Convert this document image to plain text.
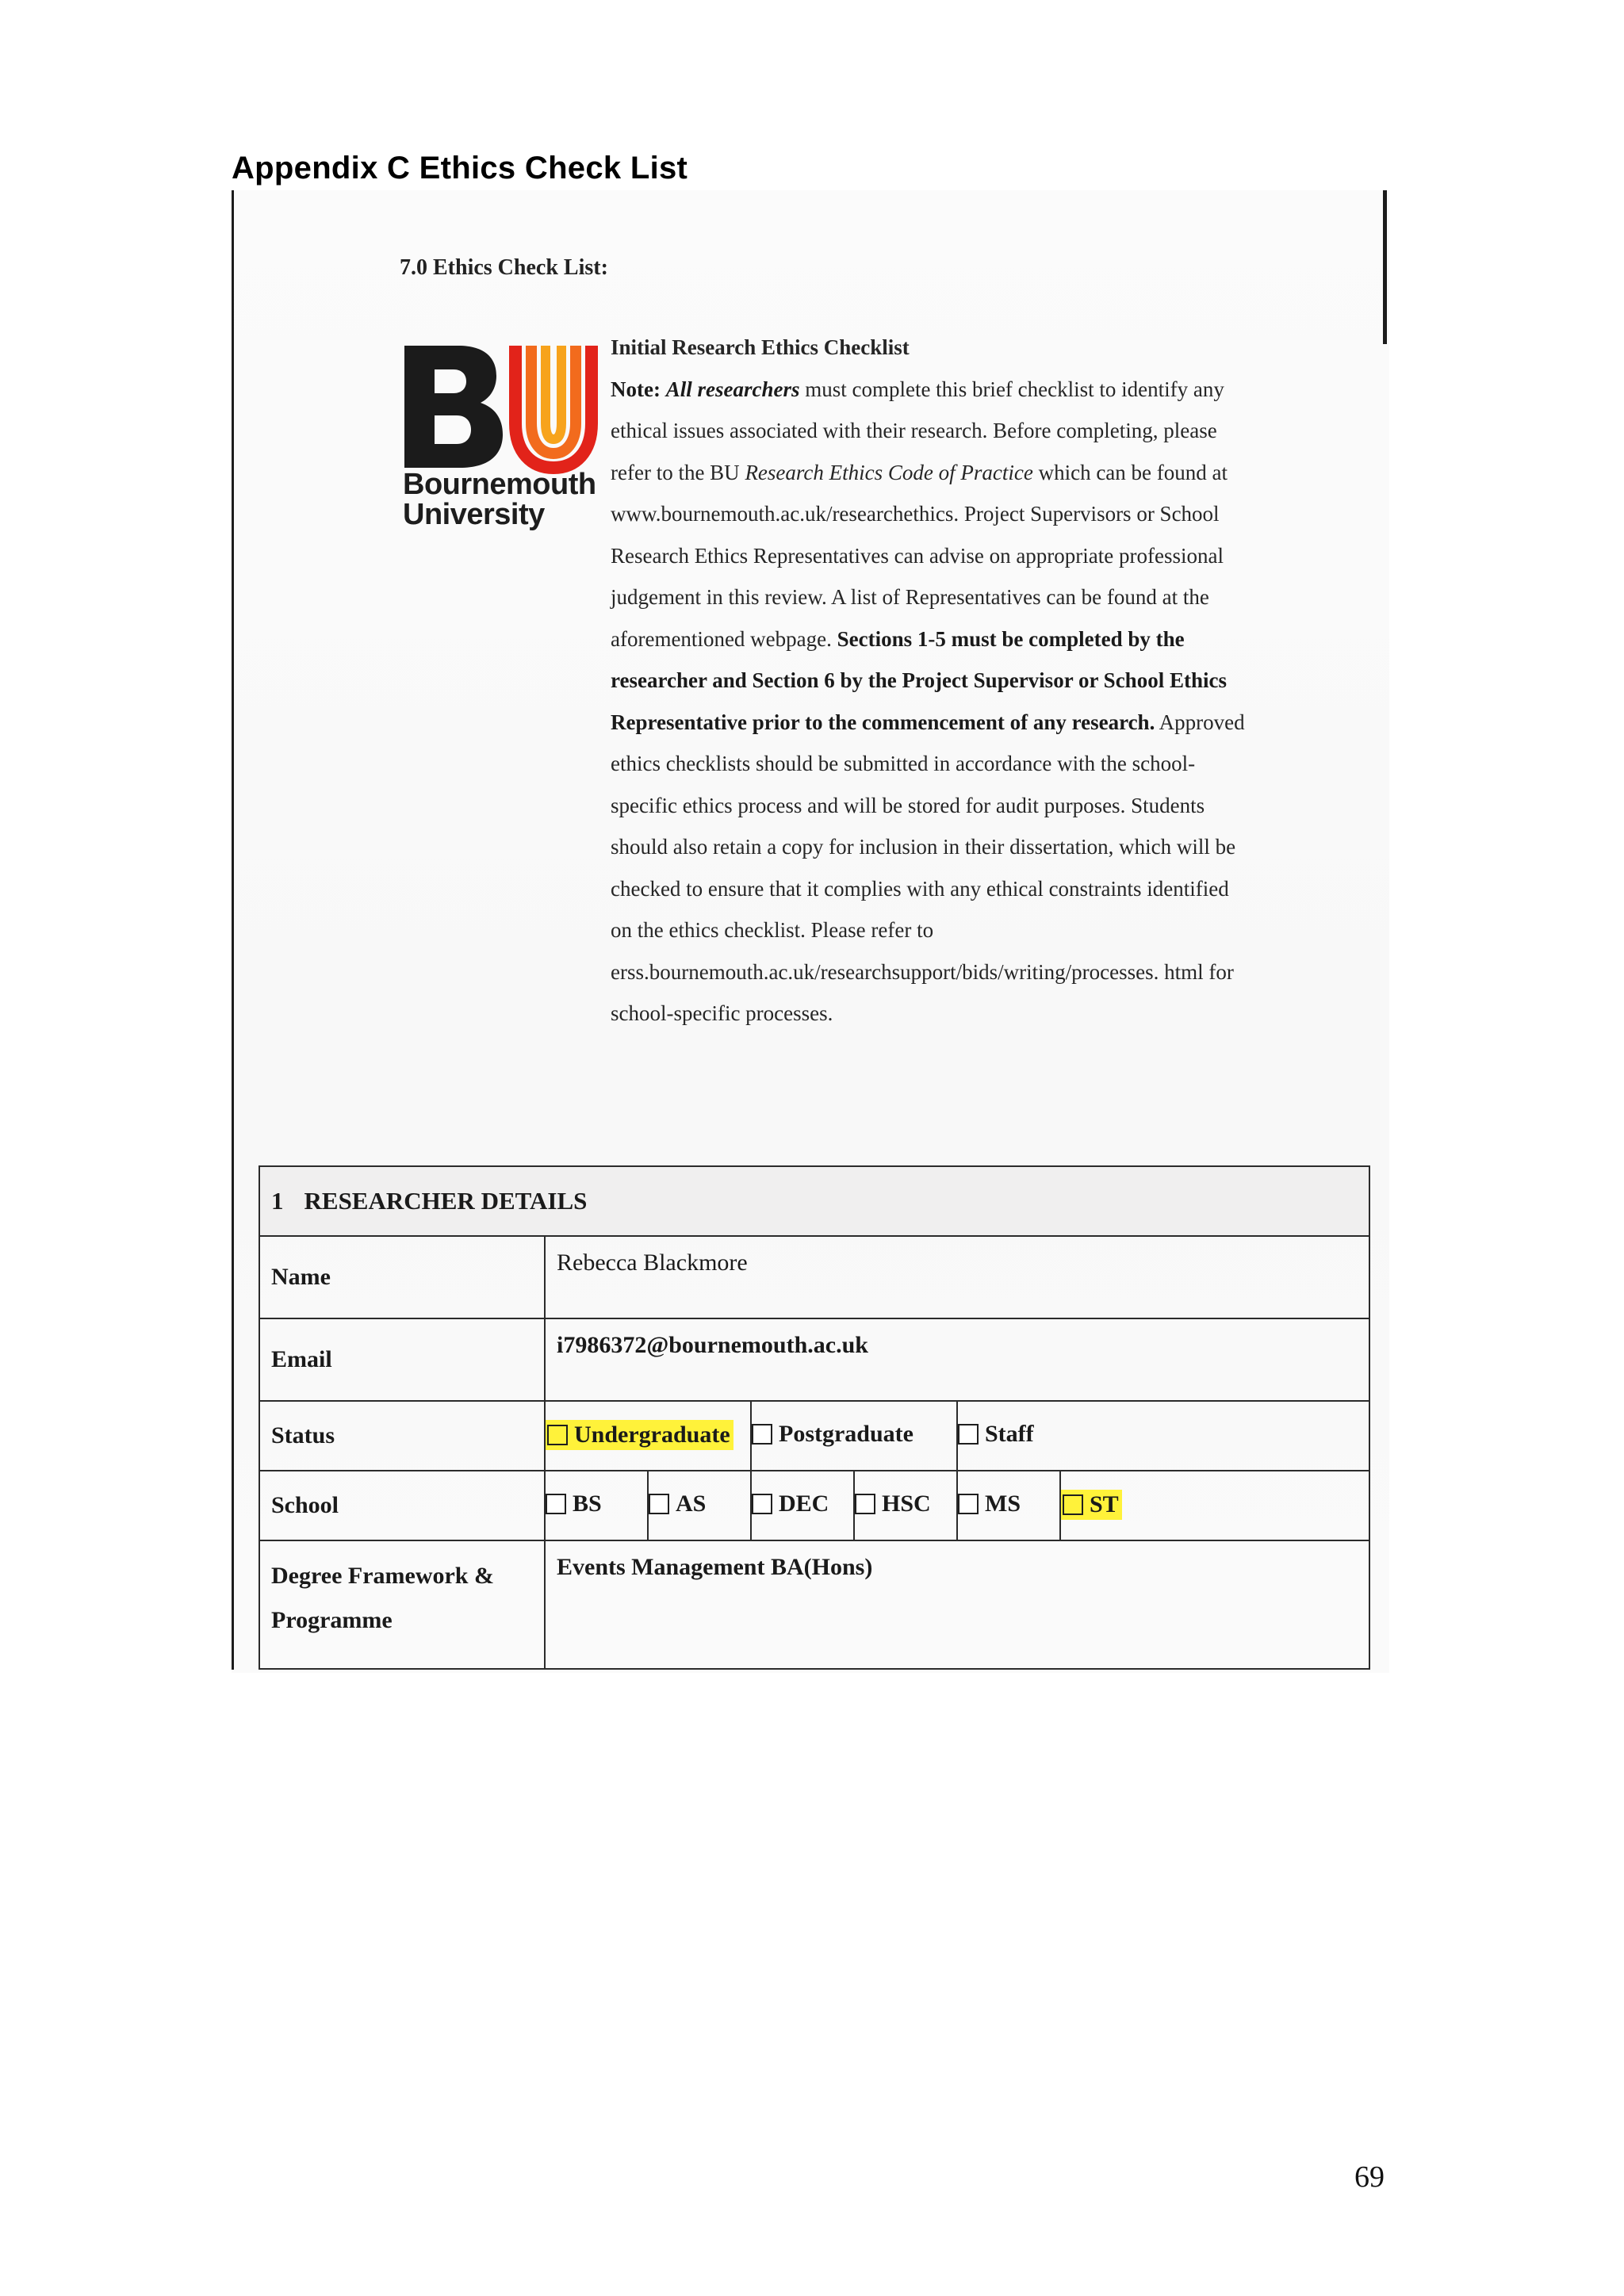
Appendix C Ethics Check List
7.0 Ethics Check List:
Bournemouth
University
Initial Research Ethics Checklist
Note: All researchers must complete this brief checklist to identify any ethical issues associated with their research. Before completing, please refer to the BU Research Ethics Code of Practice which can be found at www.bournemouth.ac.uk/researchethics. Project Supervisors or School Research Ethics Representatives can advise on appropriate professional judgement in this review. A list of Representatives can be found at the aforementioned webpage. Sections 1-5 must be completed by the researcher and Section 6 by the Project Supervisor or School Ethics Representative prior to the commencement of any research. Approved ethics checklists should be submitted in accordance with the school-specific ethics process and will be stored for audit purposes. Students should also retain a copy for inclusion in their dissertation, which will be checked to ensure that it complies with any ethical constraints identified on the ethics checklist. Please refer to erss.bournemouth.ac.uk/researchsupport/bids/writing/processes. html for school-specific processes.
1 RESEARCHER DETAILS						
Name	Rebecca Blackmore					
Email	i7986372@bournemouth.ac.uk					
Status	Undergraduate		Postgraduate		Staff	

School	BS	AS	DEC	HSC	MS	ST

Degree Framework &
Programme	Events Management BA(Hons)					
69
